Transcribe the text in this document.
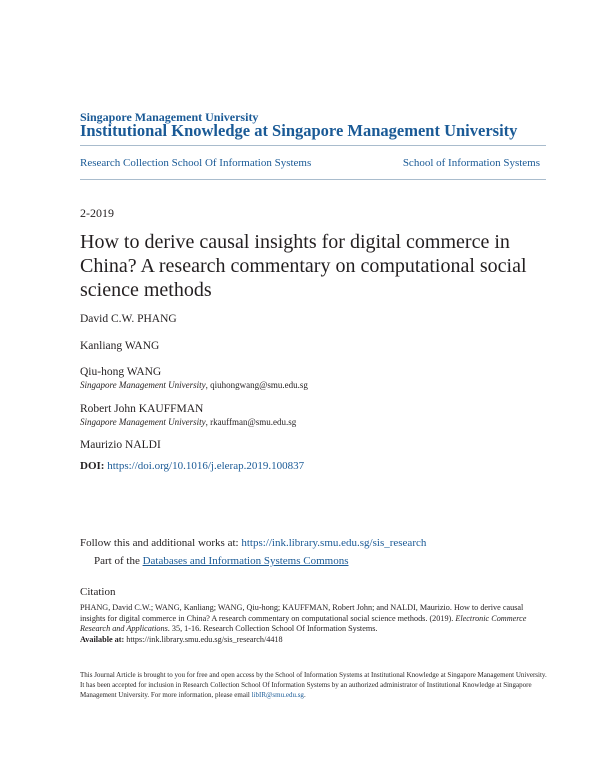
Singapore Management University
Institutional Knowledge at Singapore Management University
Research Collection School Of Information Systems	School of Information Systems
2-2019
How to derive causal insights for digital commerce in China? A research commentary on computational social science methods
David C.W. PHANG
Kanliang WANG
Qiu-hong WANG
Singapore Management University, qiuhongwang@smu.edu.sg
Robert John KAUFFMAN
Singapore Management University, rkauffman@smu.edu.sg
Maurizio NALDI
DOI: https://doi.org/10.1016/j.elerap.2019.100837
Follow this and additional works at: https://ink.library.smu.edu.sg/sis_research
Part of the Databases and Information Systems Commons
Citation
PHANG, David C.W.; WANG, Kanliang; WANG, Qiu-hong; KAUFFMAN, Robert John; and NALDI, Maurizio. How to derive causal insights for digital commerce in China? A research commentary on computational social science methods. (2019). Electronic Commerce Research and Applications. 35, 1-16. Research Collection School Of Information Systems.
Available at: https://ink.library.smu.edu.sg/sis_research/4418
This Journal Article is brought to you for free and open access by the School of Information Systems at Institutional Knowledge at Singapore Management University. It has been accepted for inclusion in Research Collection School Of Information Systems by an authorized administrator of Institutional Knowledge at Singapore Management University. For more information, please email libIR@smu.edu.sg.
